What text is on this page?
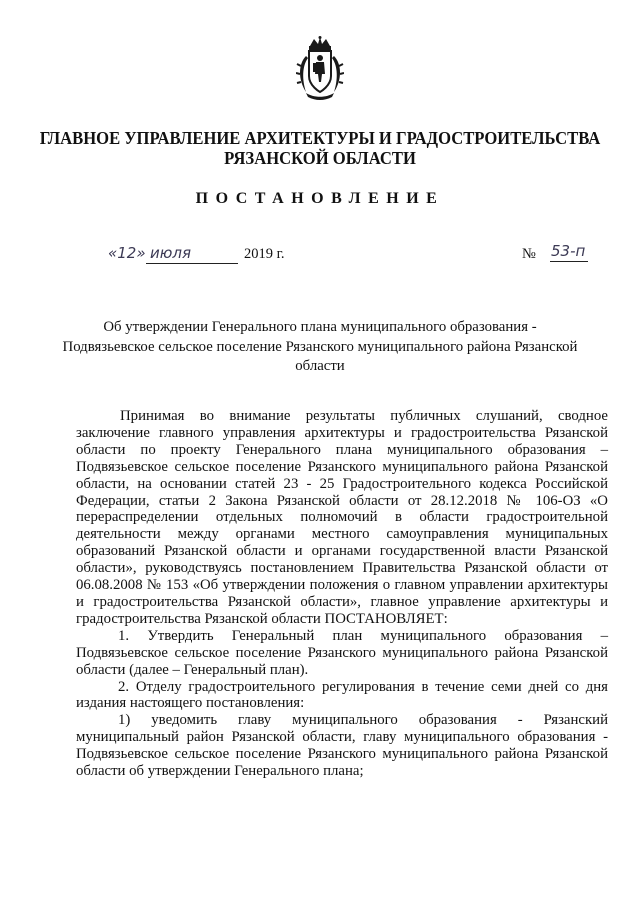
ГЛАВНОЕ УПРАВЛЕНИЕ АРХИТЕКТУРЫ И ГРАДОСТРОИТЕЛЬСТВА
РЯЗАНСКОЙ ОБЛАСТИ
ПОСТАНОВЛЕНИЕ
«12» июля	2019 г.	№ 53-п
Об утверждении Генерального плана муниципального образования - Подвязьевское сельское поселение Рязанского муниципального района Рязанской области

Принимая во внимание результаты публичных слушаний, сводное заключение главного управления архитектуры и градостроительства Рязанской области по проекту Генерального плана муниципального образования – Подвязьевское сельское поселение Рязанского муниципального района Рязанской области, на основании статей 23 - 25 Градостроительного кодекса Российской Федерации, статьи 2 Закона Рязанской области от 28.12.2018 № 106-ОЗ «О перераспределении отдельных полномочий в области градостроительной деятельности между органами местного самоуправления муниципальных образований Рязанской области и органами государственной власти Рязанской области», руководствуясь постановлением Правительства Рязанской области от 06.08.2008 № 153 «Об утверждении положения о главном управлении архитектуры и градостроительства Рязанской области», главное управление архитектуры и градостроительства Рязанской области ПОСТАНОВЛЯЕТ:

1. Утвердить Генеральный план муниципального образования – Подвязьевское сельское поселение Рязанского муниципального района Рязанской области (далее – Генеральный план).

2. Отделу градостроительного регулирования в течение семи дней со дня издания настоящего постановления:

1) уведомить главу муниципального образования - Рязанский муниципальный район Рязанской области, главу муниципального образования - Подвязьевское сельское поселение Рязанского муниципального района Рязанской области об утверждении Генерального плана;
